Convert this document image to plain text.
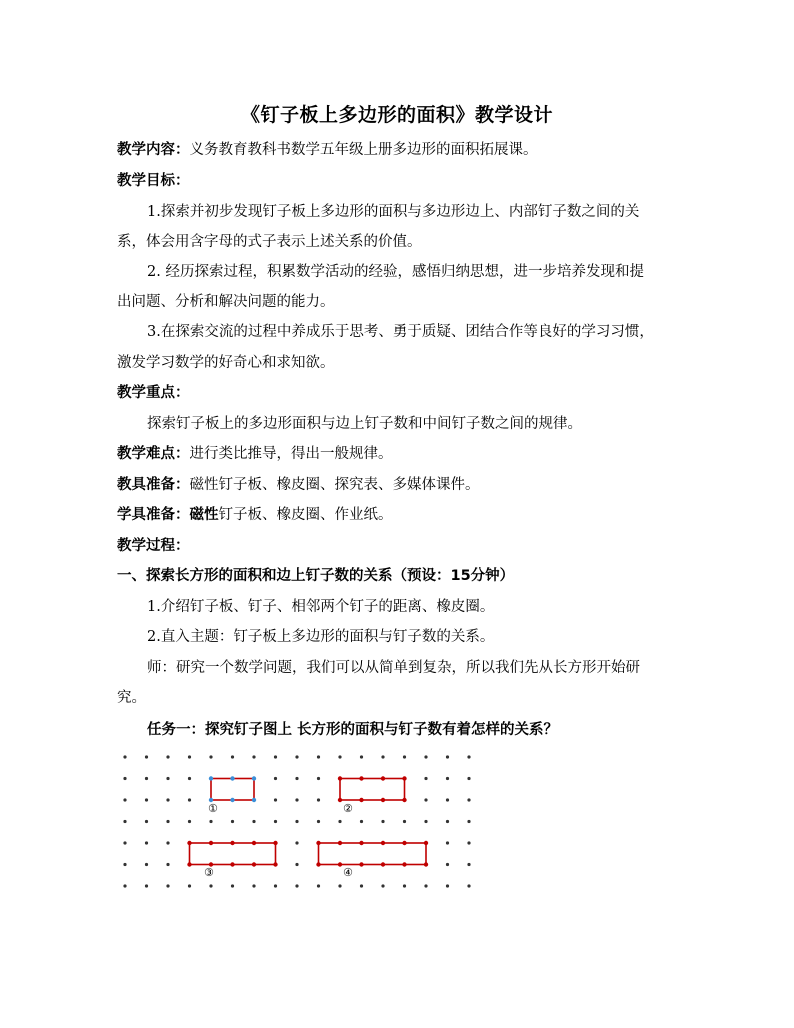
《钉子板上多边形的面积》教学设计
教学内容：义务教育教科书数学五年级上册多边形的面积拓展课。
教学目标：
1.探索并初步发现钉子板上多边形的面积与多边形边上、内部钉子数之间的关
系，体会用含字母的式子表示上述关系的价值。
2. 经历探索过程，积累数学活动的经验，感悟归纳思想，进一步培养发现和提
出问题、分析和解决问题的能力。
3.在探索交流的过程中养成乐于思考、勇于质疑、团结合作等良好的学习习惯，
激发学习数学的好奇心和求知欲。
教学重点：
探索钉子板上的多边形面积与边上钉子数和中间钉子数之间的规律。
教学难点：进行类比推导，得出一般规律。
教具准备：磁性钉子板、橡皮圈、探究表、多媒体课件。
学具准备：磁性钉子板、橡皮圈、作业纸。
教学过程：
一、探索长方形的面积和边上钉子数的关系（预设：15分钟）
1.介绍钉子板、钉子、相邻两个钉子的距离、橡皮圈。
2.直入主题：钉子板上多边形的面积与钉子数的关系。
师：研究一个数学问题，我们可以从简单到复杂，所以我们先从长方形开始研
究。
任务一：探究钉子图上 长方形的面积与钉子数有着怎样的关系？
①	②
③	④
